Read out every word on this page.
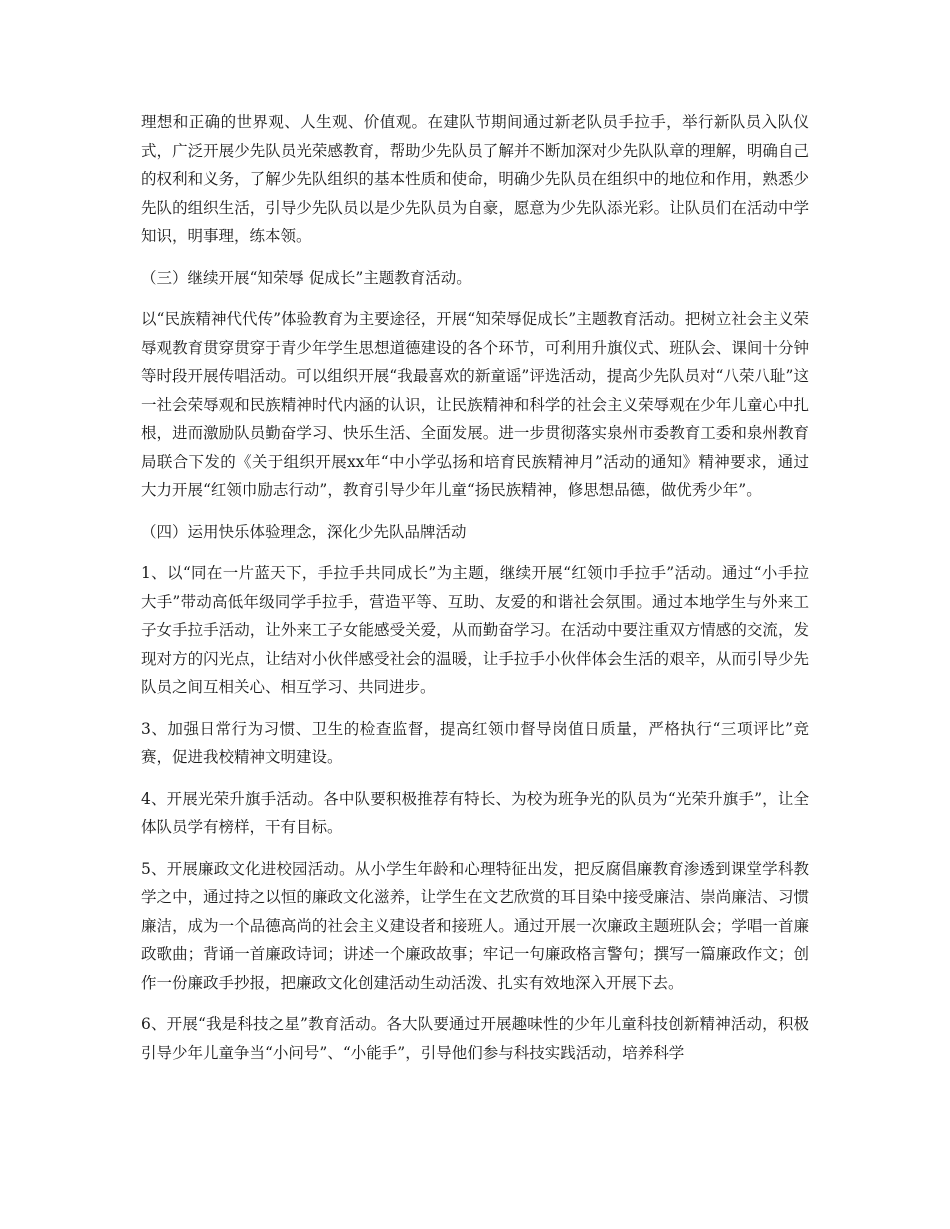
理想和正确的世界观、人生观、价值观。在建队节期间通过新老队员手拉手，举行新队员入队仪式，广泛开展少先队员光荣感教育，帮助少先队员了解并不断加深对少先队队章的理解，明确自己的权利和义务，了解少先队组织的基本性质和使命，明确少先队员在组织中的地位和作用，熟悉少先队的组织生活，引导少先队员以是少先队员为自豪，愿意为少先队添光彩。让队员们在活动中学知识，明事理，练本领。

（三）继续开展“知荣辱 促成长”主题教育活动。

以“民族精神代代传”体验教育为主要途径，开展“知荣辱促成长”主题教育活动。把树立社会主义荣辱观教育贯穿贯穿于青少年学生思想道德建设的各个环节，可利用升旗仪式、班队会、课间十分钟等时段开展传唱活动。可以组织开展“我最喜欢的新童谣”评选活动，提高少先队员对“八荣八耻”这一社会荣辱观和民族精神时代内涵的认识，让民族精神和科学的社会主义荣辱观在少年儿童心中扎根，进而激励队员勤奋学习、快乐生活、全面发展。进一步贯彻落实泉州市委教育工委和泉州教育局联合下发的《关于组织开展xx年“中小学弘扬和培育民族精神月”活动的通知》精神要求，通过大力开展“红领巾励志行动”，教育引导少年儿童“扬民族精神，修思想品德，做优秀少年”。

（四）运用快乐体验理念，深化少先队品牌活动

1、以“同在一片蓝天下，手拉手共同成长”为主题，继续开展“红领巾手拉手”活动。通过“小手拉大手”带动高低年级同学手拉手，营造平等、互助、友爱的和谐社会氛围。通过本地学生与外来工子女手拉手活动，让外来工子女能感受关爱，从而勤奋学习。在活动中要注重双方情感的交流，发现对方的闪光点，让结对小伙伴感受社会的温暖，让手拉手小伙伴体会生活的艰辛，从而引导少先队员之间互相关心、相互学习、共同进步。

3、加强日常行为习惯、卫生的检查监督，提高红领巾督导岗值日质量，严格执行“三项评比”竞赛，促进我校精神文明建设。

4、开展光荣升旗手活动。各中队要积极推荐有特长、为校为班争光的队员为“光荣升旗手”，让全体队员学有榜样，干有目标。

5、开展廉政文化进校园活动。从小学生年龄和心理特征出发，把反腐倡廉教育渗透到课堂学科教学之中，通过持之以恒的廉政文化滋养，让学生在文艺欣赏的耳目染中接受廉洁、崇尚廉洁、习惯廉洁，成为一个品德高尚的社会主义建设者和接班人。通过开展一次廉政主题班队会；学唱一首廉政歌曲；背诵一首廉政诗词；讲述一个廉政故事；牢记一句廉政格言警句；撰写一篇廉政作文；创作一份廉政手抄报，把廉政文化创建活动生动活泼、扎实有效地深入开展下去。

6、开展“我是科技之星”教育活动。各大队要通过开展趣味性的少年儿童科技创新精神活动，积极引导少年儿童争当“小问号”、“小能手”，引导他们参与科技实践活动，培养科学
